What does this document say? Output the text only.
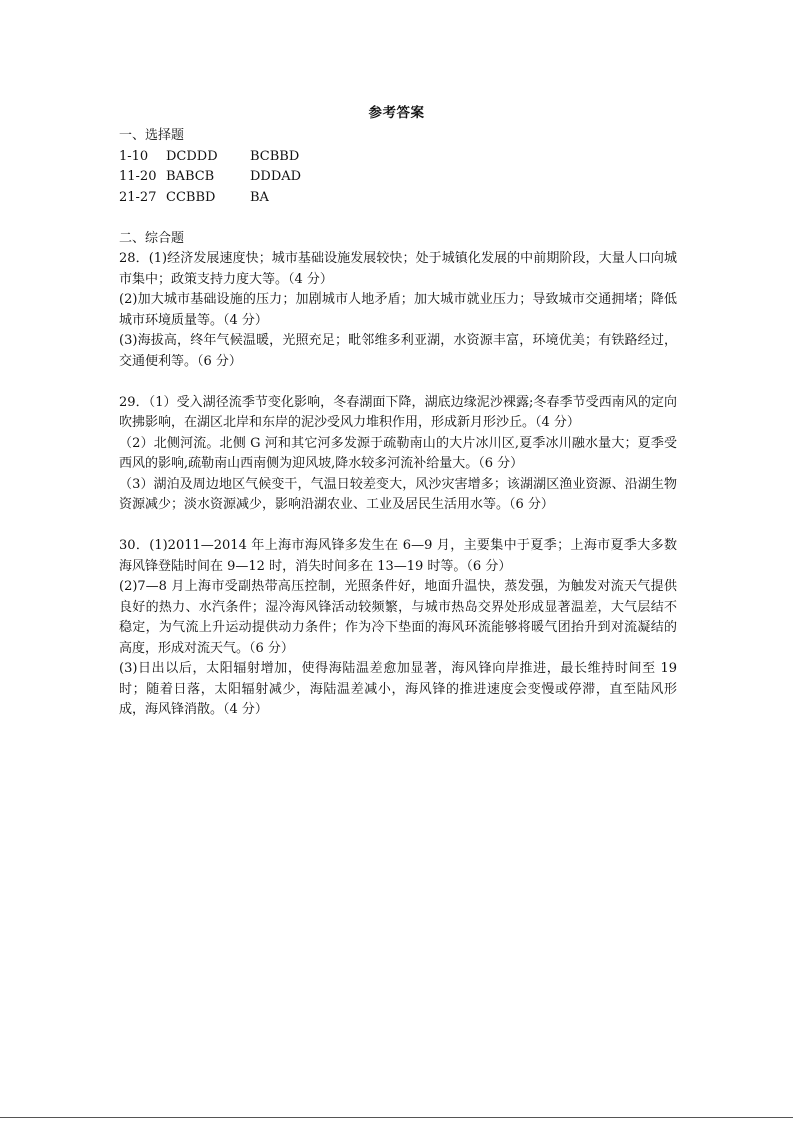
参考答案
一、选择题
1-10	DCDDD	BCBBD
11-20 BABCB	DDDAD
21-27 CCBBD	BA
二、综合题
28．(1)经济发展速度快；城市基础设施发展较快；处于城镇化发展的中前期阶段，大量人口向城市集中；政策支持力度大等。（4 分）
(2)加大城市基础设施的压力；加剧城市人地矛盾；加大城市就业压力；导致城市交通拥堵；降低城市环境质量等。（4 分）
(3)海拔高，终年气候温暖，光照充足；毗邻维多利亚湖，水资源丰富，环境优美；有铁路经过，交通便利等。（6 分）
29．（1）受入湖径流季节变化影响，冬春湖面下降，湖底边缘泥沙裸露;冬春季节受西南风的定向吹拂影响，在湖区北岸和东岸的泥沙受风力堆积作用，形成新月形沙丘。（4 分）
（2）北侧河流。北侧 G 河和其它河多发源于疏勒南山的大片冰川区,夏季冰川融水量大；夏季受西风的影响,疏勒南山西南侧为迎风坡,降水较多河流补给量大。（6 分）
（3）湖泊及周边地区气候变干，气温日较差变大，风沙灾害增多；该湖湖区渔业资源、沿湖生物资源减少；淡水资源减少，影响沿湖农业、工业及居民生活用水等。（6 分）
30．(1)2011—2014 年上海市海风锋多发生在 6—9 月，主要集中于夏季；上海市夏季大多数海风锋登陆时间在 9—12 时，消失时间多在 13—19 时等。（6 分）
(2)7—8 月上海市受副热带高压控制，光照条件好，地面升温快，蒸发强，为触发对流天气提供良好的热力、水汽条件；湿冷海风锋活动较频繁，与城市热岛交界处形成显著温差，大气层结不稳定，为气流上升运动提供动力条件；作为冷下垫面的海风环流能够将暖气团抬升到对流凝结的高度，形成对流天气。（6 分）
(3)日出以后，太阳辐射增加，使得海陆温差愈加显著，海风锋向岸推进，最长维持时间至 19 时；随着日落，太阳辐射减少，海陆温差减小，海风锋的推进速度会变慢或停滞，直至陆风形成，海风锋消散。（4 分）
